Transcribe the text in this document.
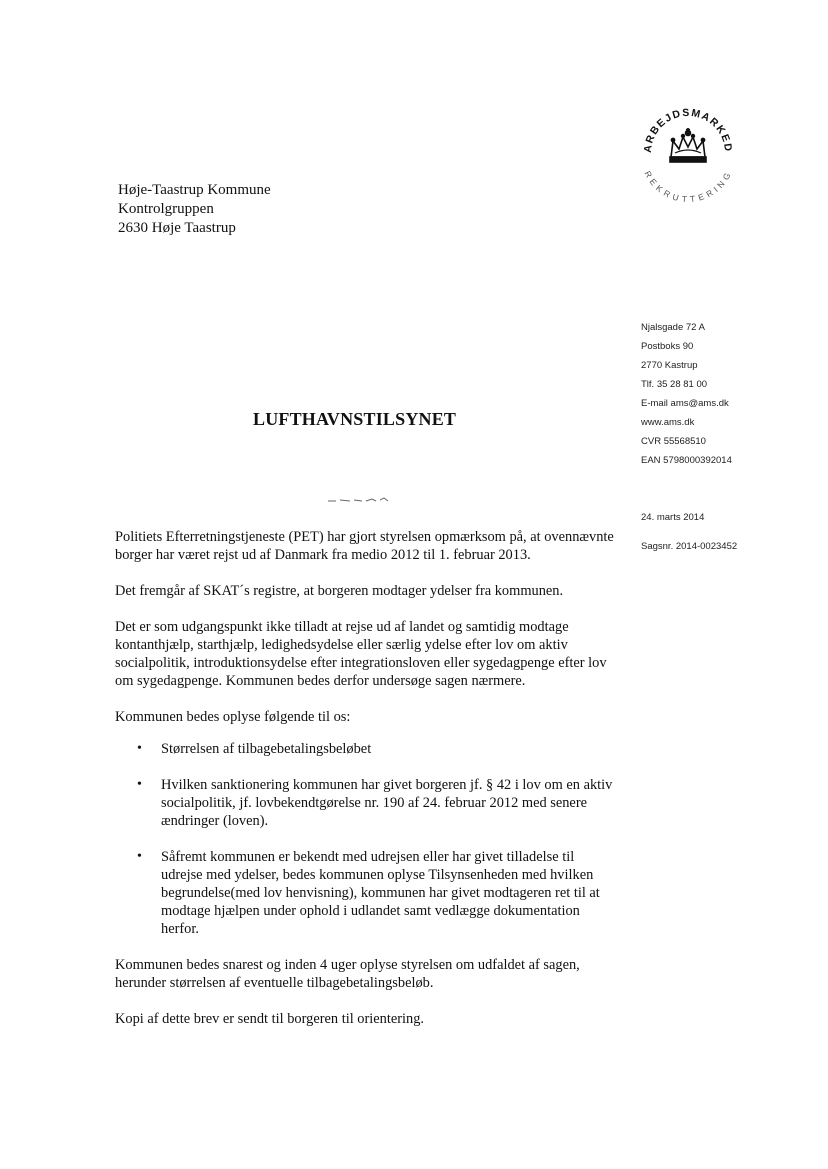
ARBEJDSMARKED
REKRUTTERING
Høje-Taastrup Kommune
Kontrolgruppen
2630 Høje Taastrup
Njalsgade 72 A
Postboks 90
2770 Kastrup
Tlf. 35 28 81 00
E-mail ams@ams.dk
www.ams.dk
CVR 55568510
EAN 5798000392014
24. marts 2014
Sagsnr. 2014-0023452
LUFTHAVNSTILSYNET

Politiets Efterretningstjeneste (PET) har gjort styrelsen opmærksom på, at ovennævnte borger har været rejst ud af Danmark fra medio 2012 til 1. februar 2013.

Det fremgår af SKAT´s registre, at borgeren modtager ydelser fra kommunen.

Det er som udgangspunkt ikke tilladt at rejse ud af landet og samtidig modtage kontanthjælp, starthjælp, ledighedsydelse eller særlig ydelse efter lov om aktiv socialpolitik, introduktionsydelse efter integrationsloven eller sygedagpenge efter lov om sygedagpenge. Kommunen bedes derfor undersøge sagen nærmere.

Kommunen bedes oplyse følgende til os:

• Størrelsen af tilbagebetalingsbeløbet
• Hvilken sanktionering kommunen har givet borgeren jf. § 42 i lov om en aktiv socialpolitik, jf. lovbekendtgørelse nr. 190 af 24. februar 2012 med senere ændringer (loven).
• Såfremt kommunen er bekendt med udrejsen eller har givet tilladelse til udrejse med ydelser, bedes kommunen oplyse Tilsynsenheden med hvilken begrundelse(med lov henvisning), kommunen har givet modtageren ret til at modtage hjælpen under ophold i udlandet samt vedlægge dokumentation herfor.

Kommunen bedes snarest og inden 4 uger oplyse styrelsen om udfaldet af sagen, herunder størrelsen af eventuelle tilbagebetalingsbeløb.

Kopi af dette brev er sendt til borgeren til orientering.
